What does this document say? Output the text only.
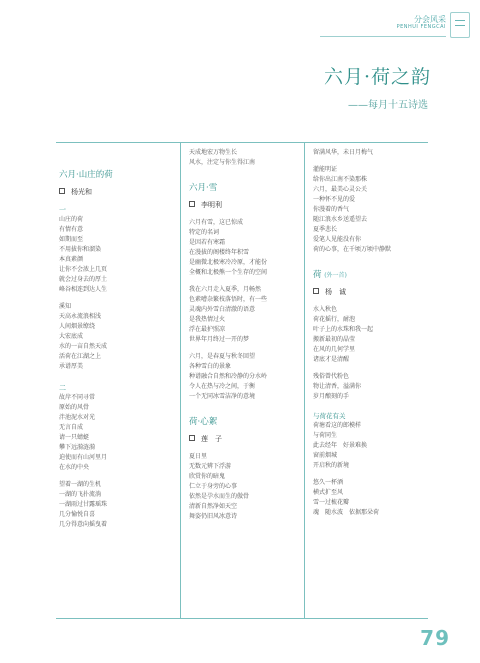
分会风采
PENHUI FENGCAI
六月·荷之韵
——每月十五诗选
六月·山庄的荷
杨光和
一
山庄的荷
有情有意
如期而至
不用拔你和溜染
本真素颜
让你不会浓上几页
就会过身去的厚土
峰谷相连到达人生
溪知
天高永流浪相浅
人间烟景缭绕
大宏底成
水的一亩自然天成
活荷在江湖之上
承谱厚美
二
故岸不同寻常
原始的风骨
泮池泥水对光
无言自成
请一只蜻蜓
攀下远漪涟漪
迫使而有山河里月
在水的中央
望着一湖的生机
一湖的飞扑流淌
一湖雨过甘露瑶珠
几分愉悦自喜
几分得意向摇曳着
天成地宏万物生长
风水，注定与你生得江南
六月·雪
李明利
六月有雪，这已惊成
特定的名词
是因若有寒霜
在漫拔的阁楼终年积雪
是幽微北极寒冷冷原，才能份
全概和北极熊一个生存的空间
我在六月走入夏季，月畅然
色素嘈杂繁枝落悟时，有一些
灵魂内外雪白清澈的语意
是我热情过火
浮在最护照凉
世界年月终过一开的梦
六月，是春夏与秋冬回望
各种雪白的景象
种谱融合自然和冷静的分水岭
令人在热与冷之间，于衡
一个无同冰雪洁净的意境
荷·心絮
莲　子
夏日里
无数元辨下浮游
欣赏你的暗鬼
仁立于身旁的心事
依然是孕水而生的傲骨
清新自然净如天空
舞姿仍旧风冰意诗
留满风华，未日月梅气
灌能明证
给你出江南不染那株
六月，最美心灵公关
一种怀不见的爱
你漫着的香气
随江浪水乡送遥望去
夏季悲长
爱笔人见能没有你
荷的心事，在千顷万顷中静默
荷 (外一首)
杨　诚
水入秋色
荷花摇行，耐泡
叶子上的水珠和我一起
搬新最初的晶莹
在风的几何学里
诸底才是清醒
残俗曾代粉色
物让清香，溢满你
岁月酿刻的手
与荷花有关
荷塘看这的郎模样
与荷同生
此去经年　好景难换
窗前烟城
开启秋的新境
悠久一杯酒
横式扩至风
雪一过梳花瓣
魂　随水波　依据那朵荷
79
